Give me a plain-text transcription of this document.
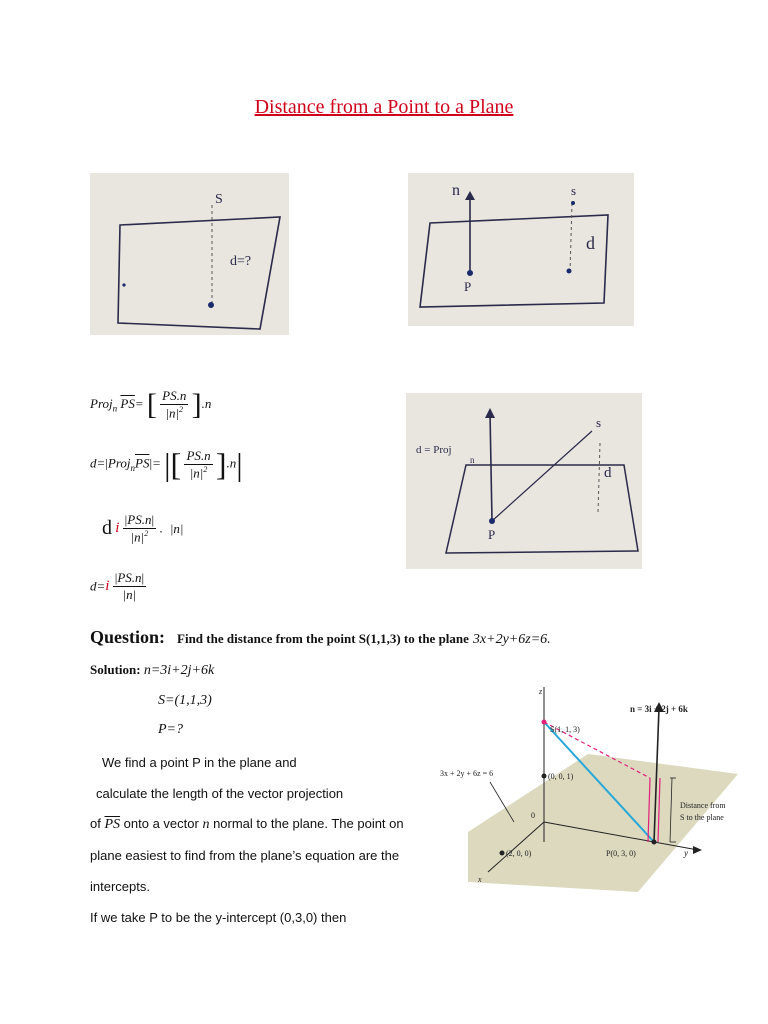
Distance from a Point to a Plane
S
d=?
n	s
d
P
d = Proj
n
s
d
P
Proj$_n$ $\overline{PS}=$ [ $\frac{PS.n}{|n|^2} ].n$
$d=|Proj_n\overline{PS}|=$ |[ $\frac{PS.n}{|n|^2} ].n|$
d i $\frac{|PS.n|}{|n|^2}$ . |n|
$d=i \frac{|PS.n|}{|n|}$
Question: Find the distance from the point S(1,1,3) to the plane 3x+2y+6z=6.
Solution: n=3i+2j+6k
S=(1,1,3)
P=?
We find a point P in the plane and
calculate the length of the vector projection
of $\overline{PS}$ onto a vector n normal to the plane. The point on
plane easiest to find from the plane’s equation are the
intercepts.
If we take P to be the y-intercept (0,3,0) then
z
y
x
n = 3i + 2j + 6k
S(1, 1, 3)
3x + 2y + 6z = 6	(0, 0, 1)
0
(2, 0, 0)	P(0, 3, 0)
Distance from
S to the plane
